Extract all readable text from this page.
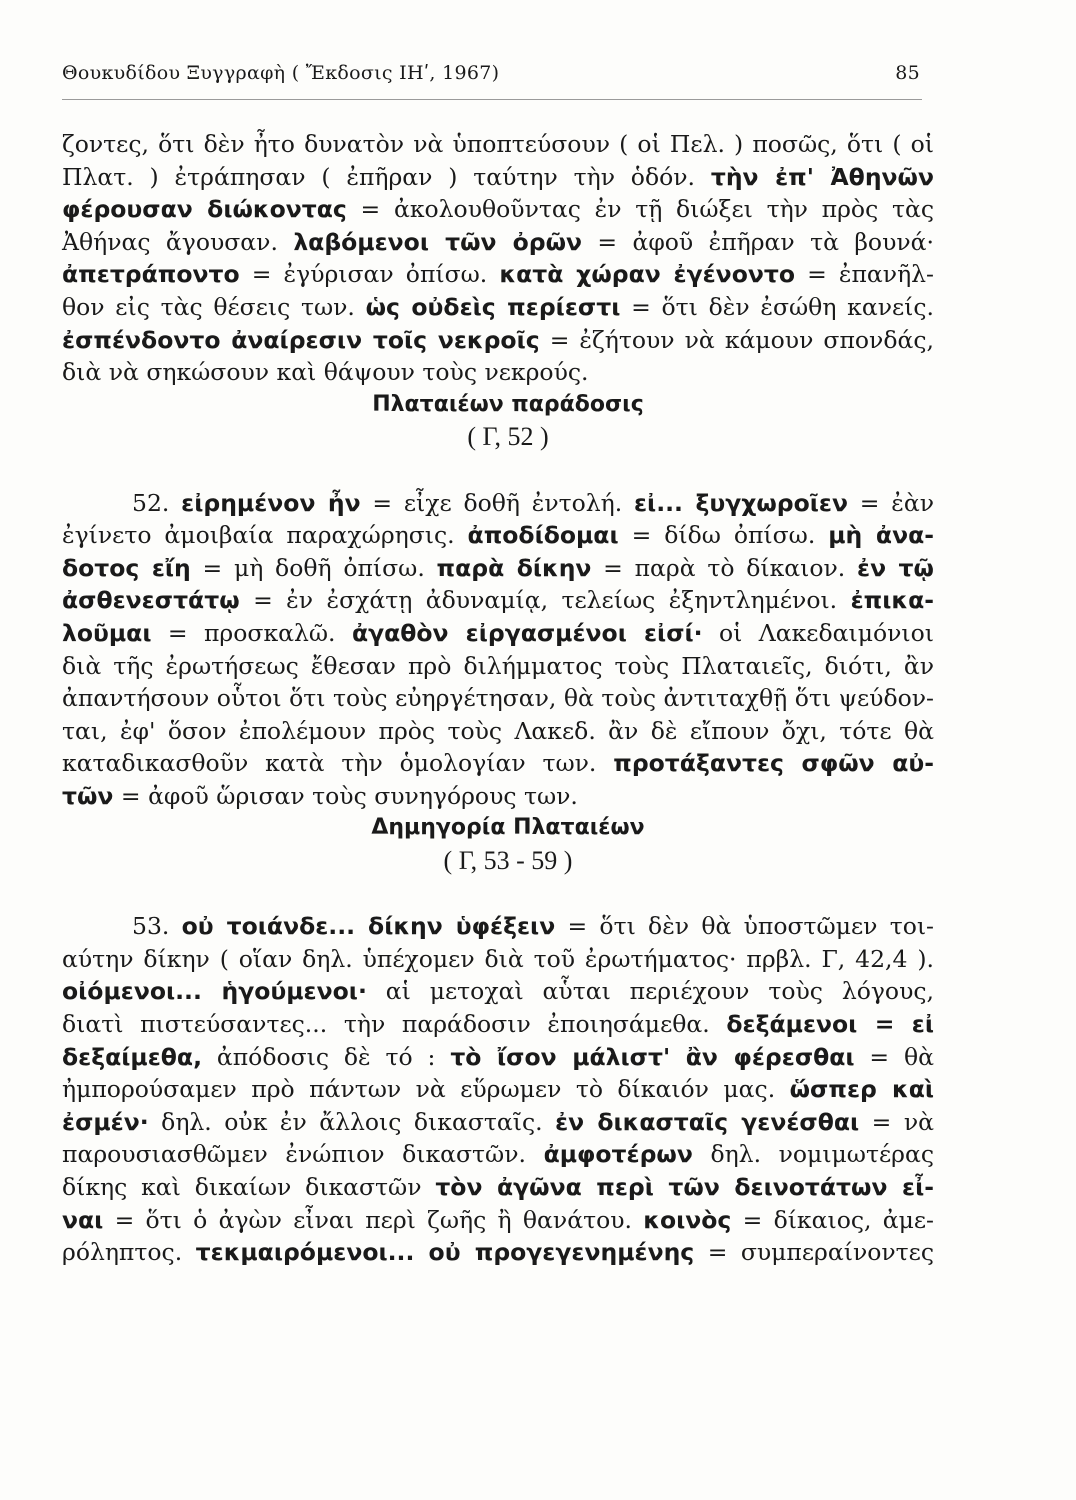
Θουκυδίδου Ξυγγραφὴ ( Ἔκδοσις ΙΗʹ, 1967)	85
ζοντες, ὅτι δὲν ἦτο δυνατὸν νὰ ὑποπτεύσουν ( οἱ Πελ. ) ποσῶς, ὅτι ( οἱ
Πλατ. ) ἐτράπησαν ( ἐπῆραν ) ταύτην τὴν ὁδόν. τὴν ἐπ' Ἀθηνῶν
φέρουσαν διώκοντας = ἀκολουθοῦντας ἐν τῇ διώξει τὴν πρὸς τὰς
Ἀθήνας ἄγουσαν. λαβόμενοι τῶν ὀρῶν = ἀφοῦ ἐπῆραν τὰ βουνά·
ἀπετράποντο = ἐγύρισαν ὀπίσω. κατὰ χώραν ἐγένοντο = ἐπανῆλ-
θον εἰς τὰς θέσεις των. ὡς οὐδεὶς περίεστι = ὅτι δὲν ἐσώθη κανείς.
ἐσπένδοντο ἀναίρεσιν τοῖς νεκροῖς = ἐζήτουν νὰ κάμουν σπονδάς,
διὰ νὰ σηκώσουν καὶ θάψουν τοὺς νεκρούς.
Πλαταιέων παράδοσις
( Γ, 52 )
52. εἰρημένον ἦν = εἶχε δοθῆ ἐντολή. εἰ... ξυγχωροῖεν = ἐὰν
ἐγίνετο ἀμοιβαία παραχώρησις. ἀποδίδομαι = δίδω ὀπίσω. μὴ ἀνα-
δοτος εἴη = μὴ δοθῆ ὀπίσω. παρὰ δίκην = παρὰ τὸ δίκαιον. ἐν τῷ
ἀσθενεστάτῳ = ἐν ἐσχάτῃ ἀδυναμίᾳ, τελείως ἐξηντλημένοι. ἐπικα-
λοῦμαι = προσκαλῶ. ἀγαθὸν εἰργασμένοι εἰσί· οἱ Λακεδαιμόνιοι
διὰ τῆς ἐρωτήσεως ἔθεσαν πρὸ διλήμματος τοὺς Πλαταιεῖς, διότι, ἂν
ἀπαντήσουν οὗτοι ὅτι τοὺς εὐηργέτησαν, θὰ τοὺς ἀντιταχθῇ ὅτι ψεύδον-
ται, ἐφ' ὅσον ἐπολέμουν πρὸς τοὺς Λακεδ. ἂν δὲ εἴπουν ὄχι, τότε θὰ
καταδικασθοῦν κατὰ τὴν ὁμολογίαν των. προτάξαντες σφῶν αὐ-
τῶν = ἀφοῦ ὥρισαν τοὺς συνηγόρους των.
Δημηγορία Πλαταιέων
( Γ, 53 - 59 )
53. οὐ τοιάνδε... δίκην ὑφέξειν = ὅτι δὲν θὰ ὑποστῶμεν τοι-
αύτην δίκην ( οἵαν δηλ. ὑπέχομεν διὰ τοῦ ἐρωτήματος· πρβλ. Γ, 42,4 ).
οἰόμενοι... ἡγούμενοι· αἱ μετοχαὶ αὗται περιέχουν τοὺς λόγους,
διατὶ πιστεύσαντες... τὴν παράδοσιν ἐποιησάμεθα. δεξάμενοι = εἰ
δεξαίμεθα, ἀπόδοσις δὲ τό : τὸ ἴσον μάλιστ' ἂν φέρεσθαι = θὰ
ἠμπορούσαμεν πρὸ πάντων νὰ εὕρωμεν τὸ δίκαιόν μας. ὥσπερ καὶ
ἐσμέν· δηλ. οὐκ ἐν ἄλλοις δικασταῖς. ἐν δικασταῖς γενέσθαι = νὰ
παρουσιασθῶμεν ἐνώπιον δικαστῶν. ἀμφοτέρων δηλ. νομιμωτέρας
δίκης καὶ δικαίων δικαστῶν τὸν ἀγῶνα περὶ τῶν δεινοτάτων εἶ-
ναι = ὅτι ὁ ἀγὼν εἶναι περὶ ζωῆς ἢ θανάτου. κοινὸς = δίκαιος, ἀμε-
ρόληπτος. τεκμαιρόμενοι... οὐ προγεγενημένης = συμπεραίνοντες
